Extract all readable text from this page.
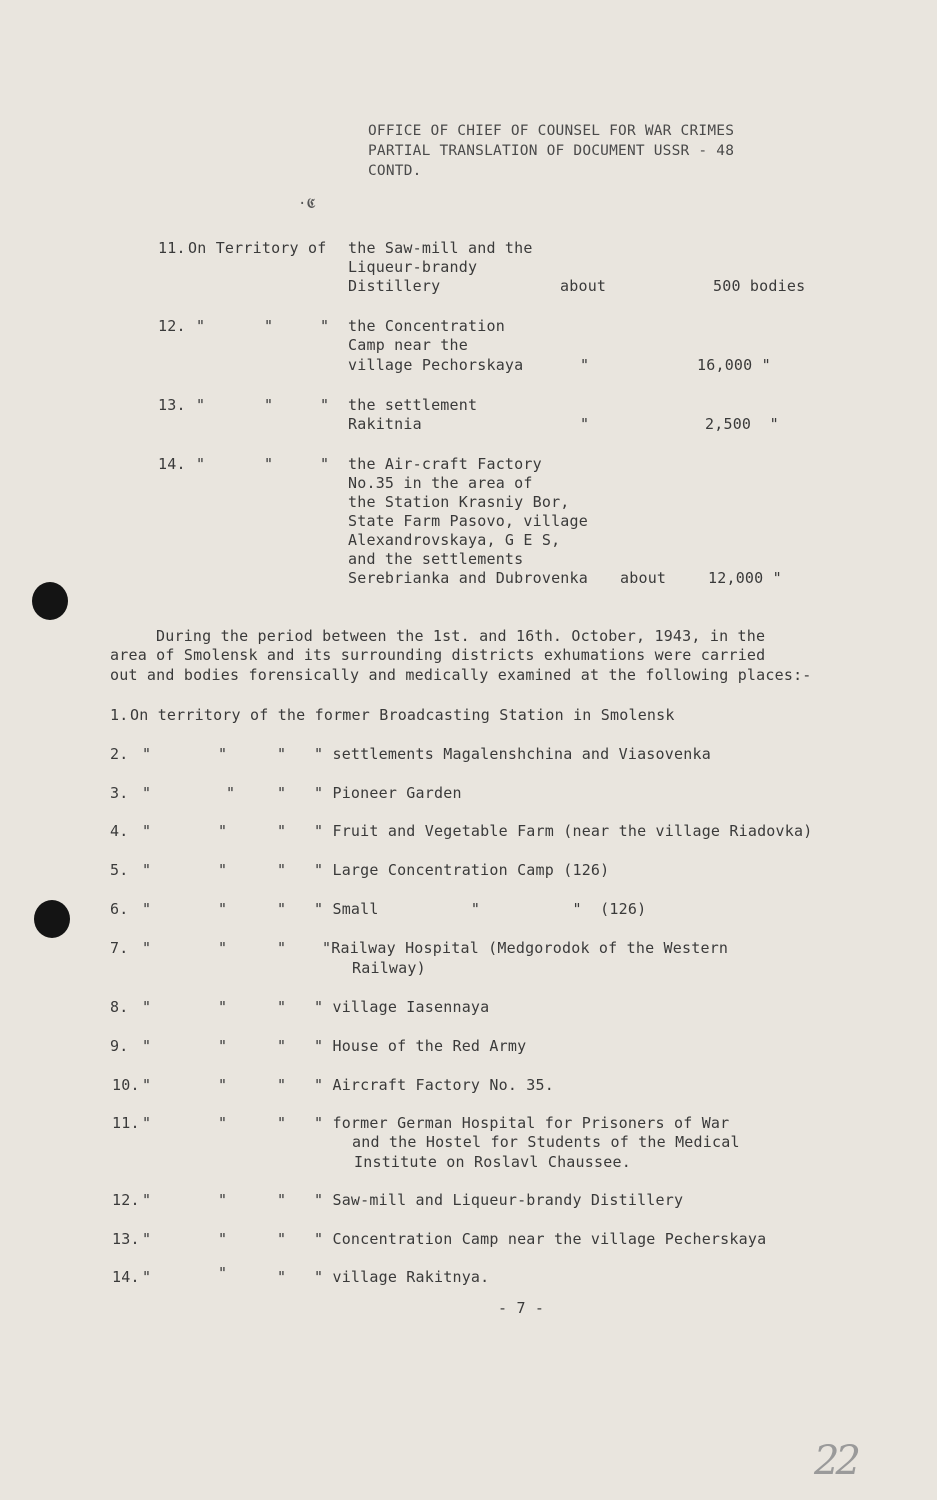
OFFICE OF CHIEF OF COUNSEL FOR WAR CRIMES
PARTIAL TRANSLATION OF DOCUMENT USSR - 48
CONTD.
·𝕮
11. On Territory of the Saw-mill and the
Liqueur-brandy
Distillery	about	500 bodies
12. "	"	" the Concentration
Camp near the
village Pechorskaya	"	16,000 "
13. "	"	" the settlement
Rakitnia	"	2,500  "
14. "	"	" the Air-craft Factory
No.35 in the area of
the Station Krasniy Bor,
State Farm Pasovo, village
Alexandrovskaya, G E S,
and the settlements
Serebrianka and Dubrovenka about	12,000 "
During the period between the 1st. and 16th. October, 1943, in the
area of Smolensk and its surrounding districts exhumations were carried
out and bodies forensically and medically examined at the following places:-
1. On territory of the former Broadcasting Station in Smolensk
2. "	"	" " settlements Magalenshchina and Viasovenka
3. "	"	" " Pioneer Garden
4. "	"	" " Fruit and Vegetable Farm (near the village Riadovka)
5. "	"	" " Large Concentration Camp (126)
6. "	"	" " Small          "          "  (126)
7. "	"	" "Railway Hospital (Medgorodok of the Western
Railway)
8. "	"	" " village Iasennaya
9. "	"	" " House of the Red Army
10. "	"	" " Aircraft Factory No. 35.
11. "	"	" " former German Hospital for Prisoners of War
and the Hostel for Students of the Medical
Institute on Roslavl Chaussee.
12. "	"	" " Saw-mill and Liqueur-brandy Distillery
13. "	"	" " Concentration Camp near the village Pecherskaya
14. "	"	" " village Rakitnya.
- 7 -
22
